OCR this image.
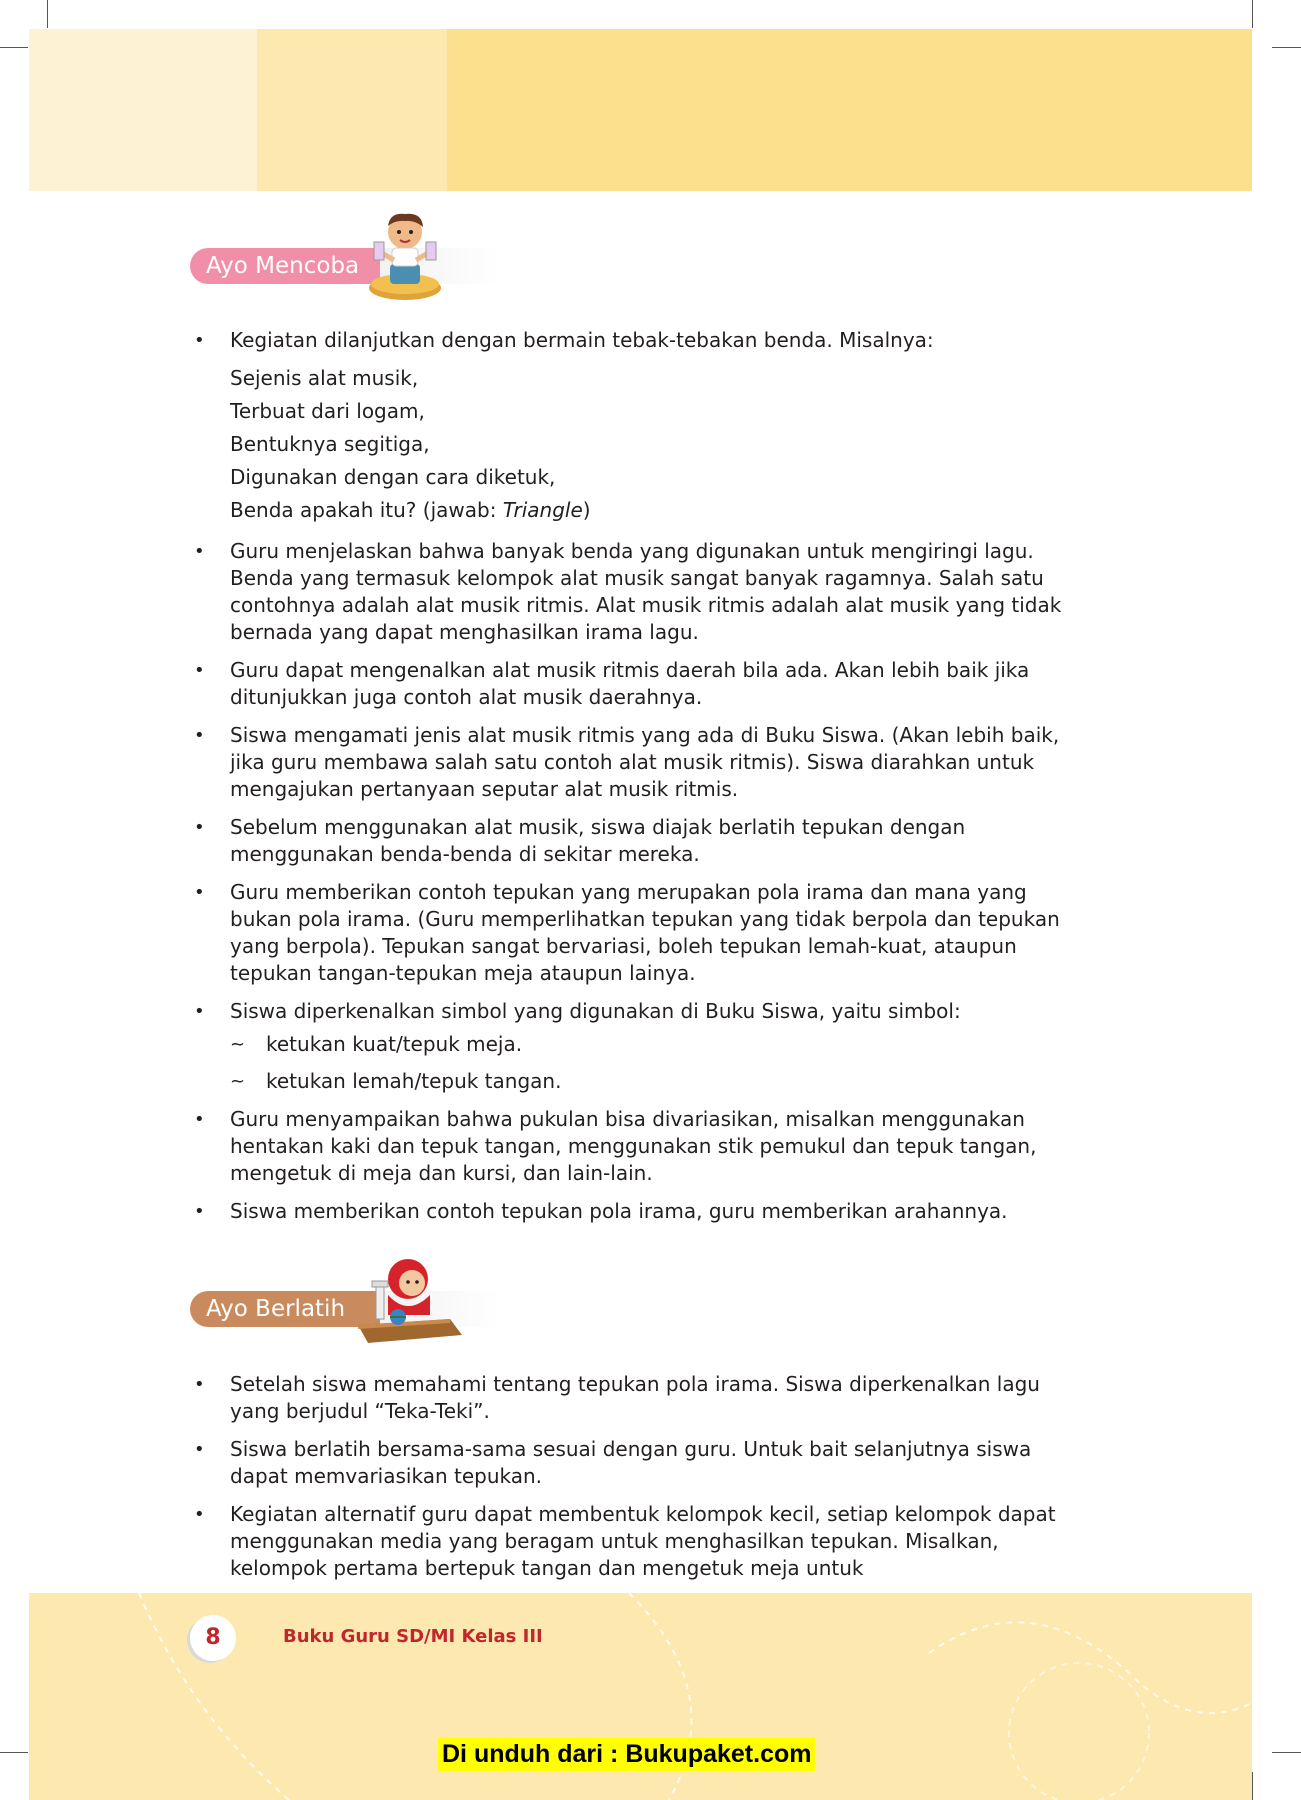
Ayo Mencoba
• Kegiatan dilanjutkan dengan bermain tebak-tebakan benda. Misalnya:
Sejenis alat musik,
Terbuat dari logam,
Bentuknya segitiga,
Digunakan dengan cara diketuk,
Benda apakah itu? (jawab: Triangle)
• Guru menjelaskan bahwa banyak benda yang digunakan untuk mengiringi lagu. Benda yang termasuk kelompok alat musik sangat banyak ragamnya. Salah satu contohnya adalah alat musik ritmis. Alat musik ritmis adalah alat musik yang tidak bernada yang dapat menghasilkan irama lagu.
• Guru dapat mengenalkan alat musik ritmis daerah bila ada. Akan lebih baik jika ditunjukkan juga contoh alat musik daerahnya.
• Siswa mengamati jenis alat musik ritmis yang ada di Buku Siswa. (Akan lebih baik, jika guru membawa salah satu contoh alat musik ritmis). Siswa diarahkan untuk mengajukan pertanyaan seputar alat musik ritmis.
• Sebelum menggunakan alat musik, siswa diajak berlatih tepukan dengan menggunakan benda-benda di sekitar mereka.
• Guru memberikan contoh tepukan yang merupakan pola irama dan mana yang bukan pola irama. (Guru memperlihatkan tepukan yang tidak berpola dan tepukan yang berpola). Tepukan sangat bervariasi, boleh tepukan lemah-kuat, ataupun tepukan tangan-tepukan meja ataupun lainya.
• Siswa diperkenalkan simbol yang digunakan di Buku Siswa, yaitu simbol:
~ ketukan kuat/tepuk meja.
~ ketukan lemah/tepuk tangan.
• Guru menyampaikan bahwa pukulan bisa divariasikan, misalkan menggunakan hentakan kaki dan tepuk tangan, menggunakan stik pemukul dan tepuk tangan, mengetuk di meja dan kursi, dan lain-lain.
• Siswa memberikan contoh tepukan pola irama, guru memberikan arahannya.
Ayo Berlatih
• Setelah siswa memahami tentang tepukan pola irama. Siswa diperkenalkan lagu yang berjudul “Teka-Teki”.
• Siswa berlatih bersama-sama sesuai dengan guru. Untuk bait selanjutnya siswa dapat memvariasikan tepukan.
• Kegiatan alternatif guru dapat membentuk kelompok kecil, setiap kelompok dapat menggunakan media yang beragam untuk menghasilkan tepukan. Misalkan, kelompok pertama bertepuk tangan dan mengetuk meja untuk
8	Buku Guru SD/MI Kelas III
Di unduh dari : Bukupaket.com
